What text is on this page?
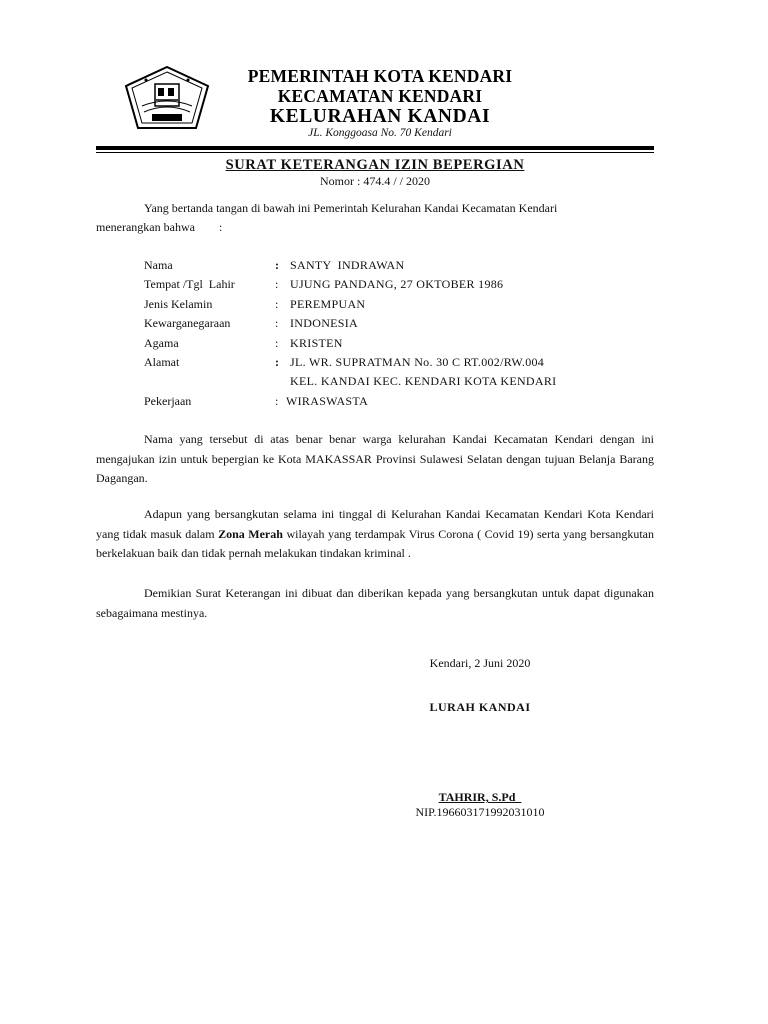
PEMERINTAH KOTA KENDARI
KECAMATAN KENDARI
KELURAHAN KANDAI
JL. Konggoasa No. 70 Kendari
SURAT KETERANGAN IZIN BEPERGIAN
Nomor : 474.4 / / 2020
Yang bertanda tangan di bawah ini Pemerintah Kelurahan Kandai Kecamatan Kendari
menerangkan bahwa        :
Nama	: SANTY  INDRAWAN
Tempat /Tgl  Lahir	: UJUNG PANDANG, 27 OKTOBER 1986
Jenis Kelamin	: PEREMPUAN
Kewarganegaraan	: INDONESIA
Agama	: KRISTEN
Alamat	: JL. WR. SUPRATMAN No. 30 C RT.002/RW.004
KEL. KANDAI KEC. KENDARI KOTA KENDARI
Pekerjaan	: WIRASWASTA
Nama yang tersebut di atas benar benar warga kelurahan Kandai Kecamatan Kendari dengan ini mengajukan izin untuk bepergian ke Kota MAKASSAR Provinsi Sulawesi Selatan dengan tujuan Belanja Barang Dagangan.
Adapun yang bersangkutan selama ini tinggal di Kelurahan Kandai Kecamatan Kendari Kota Kendari yang tidak masuk dalam Zona Merah wilayah yang terdampak Virus Corona ( Covid 19) serta yang bersangkutan berkelakuan baik dan tidak pernah melakukan tindakan kriminal .
Demikian Surat Keterangan ini dibuat dan diberikan kepada yang bersangkutan untuk dapat digunakan sebagaimana mestinya.
Kendari, 2 Juni 2020
LURAH KANDAI
TAHRIR, S.Pd
NIP.196603171992031010
